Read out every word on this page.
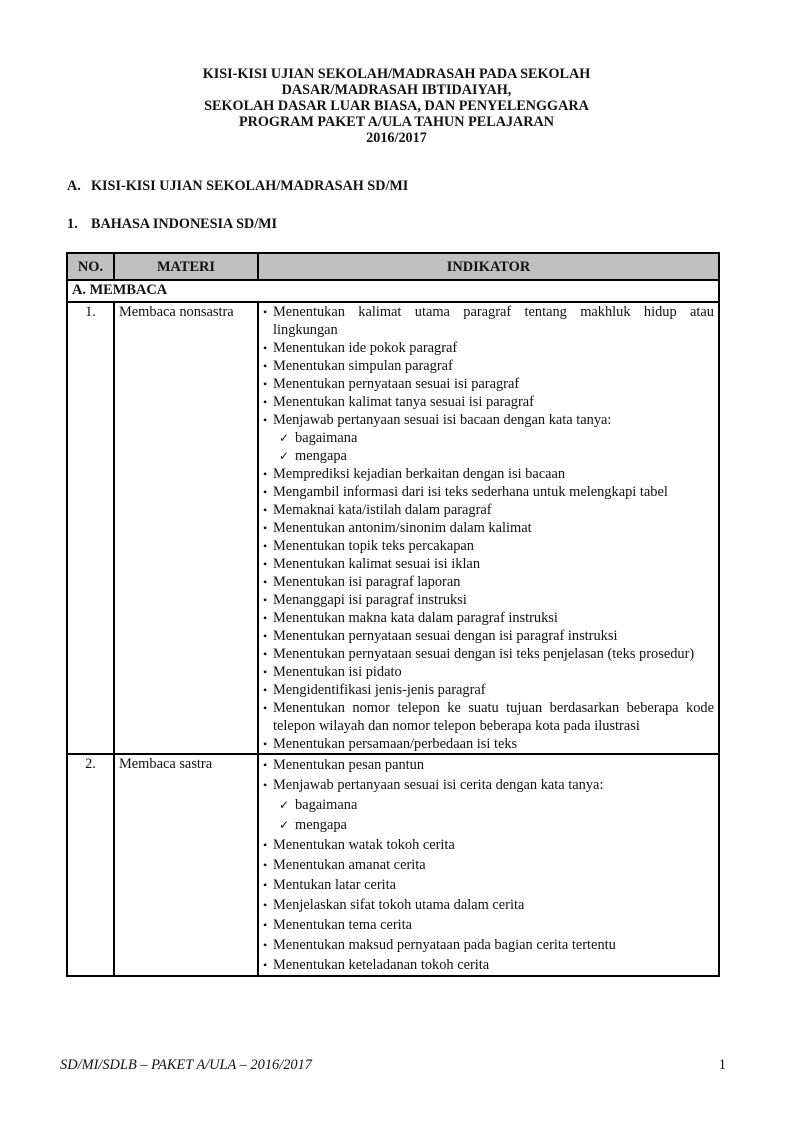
KISI-KISI UJIAN SEKOLAH/MADRASAH PADA SEKOLAH
DASAR/MADRASAH IBTIDAIYAH,
SEKOLAH DASAR LUAR BIASA, DAN PENYELENGGARA
PROGRAM PAKET A/ULA TAHUN PELAJARAN
2016/2017
A. KISI-KISI UJIAN SEKOLAH/MADRASAH SD/MI
1. BAHASA INDONESIA SD/MI
NO.	MATERI	INDIKATOR
A. MEMBACA		
1.	Membaca nonsastra	
•Menentukan kalimat utama paragraf tentang makhluk hidup atau lingkungan
• Menentukan ide pokok paragraf
• Menentukan simpulan paragraf
• Menentukan pernyataan sesuai isi paragraf
• Menentukan kalimat tanya sesuai isi paragraf
• Menjawab pertanyaan sesuai isi bacaan dengan kata tanya:
✓ bagaimana
✓ mengapa
• Memprediksi kejadian berkaitan dengan isi bacaan
• Mengambil informasi dari isi teks sederhana untuk melengkapi tabel
• Memaknai kata/istilah dalam paragraf
• Menentukan antonim/sinonim dalam kalimat
• Menentukan topik teks percakapan
• Menentukan kalimat sesuai isi iklan
• Menentukan isi paragraf laporan
• Menanggapi isi paragraf instruksi
• Menentukan makna kata dalam paragraf instruksi
• Menentukan pernyataan sesuai dengan isi paragraf instruksi
• Menentukan pernyataan sesuai dengan isi teks penjelasan (teks prosedur)
• Menentukan isi pidato
• Mengidentifikasi jenis-jenis paragraf
• Menentukan nomor telepon ke suatu tujuan berdasarkan beberapa kode telepon wilayah dan nomor telepon beberapa kota pada ilustrasi
• Menentukan persamaan/perbedaan isi teks

2.	Membaca sastra	
•Menentukan pesan pantun
• Menjawab pertanyaan sesuai isi cerita dengan kata tanya:
✓ bagaimana
✓ mengapa
• Menentukan watak tokoh cerita
• Menentukan amanat cerita
• Mentukan latar cerita
• Menjelaskan sifat tokoh utama dalam cerita
• Menentukan tema cerita
• Menentukan maksud pernyataan pada bagian cerita tertentu
• Menentukan keteladanan tokoh cerita
SD/MI/SDLB – PAKET A/ULA – 2016/2017	1
